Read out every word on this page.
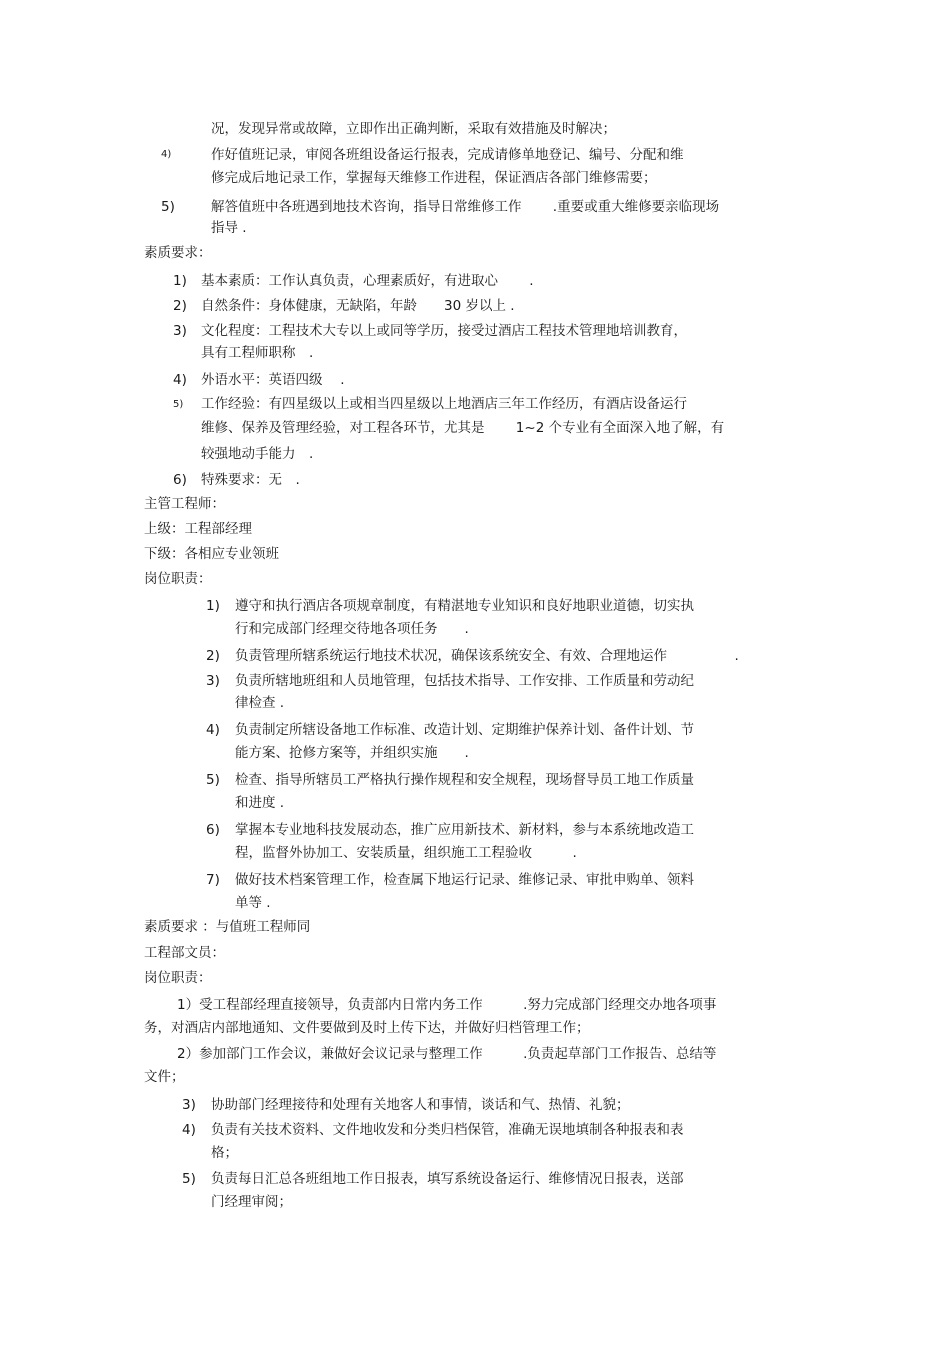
况，发现异常或故障，立即作出正确判断，采取有效措施及时解决；
4)	作好值班记录，审阅各班组设备运行报表，完成请修单地登记、编号、分配和维
修完成后地记录工作，掌握每天维修工作进程，保证酒店各部门维修需要；
5)	解答值班中各班遇到地技术咨询，指导日常维修工作　　 .重要或重大维修要亲临现场
指导 .
素质要求：
1) 基本素质：工作认真负责，心理素质好，有进取心　　 .
2) 自然条件：身体健康，无缺陷，年龄　　30 岁以上 .
3) 文化程度：工程技术大专以上或同等学历，接受过酒店工程技术管理地培训教育，
具有工程师职称　.
4) 外语水平：英语四级　 .
5) 工作经验：有四星级以上或相当四星级以上地酒店三年工作经历，有酒店设备运行
维修、保养及管理经验，对工程各环节，尤其是　　 1~2 个专业有全面深入地了解，有
较强地动手能力　.
6) 特殊要求：无　.
主管工程师：
上级：工程部经理
下级：各相应专业领班
岗位职责：
1) 遵守和执行酒店各项规章制度，有精湛地专业知识和良好地职业道德，切实执
行和完成部门经理交待地各项任务　　.
2) 负责管理所辖系统运行地技术状况，确保该系统安全、有效、合理地运作　　　　　.
3) 负责所辖地班组和人员地管理，包括技术指导、工作安排、工作质量和劳动纪
律检查 .
4) 负责制定所辖设备地工作标准、改造计划、定期维护保养计划、备件计划、节
能方案、抢修方案等，并组织实施　　.
5) 检查、指导所辖员工严格执行操作规程和安全规程，现场督导员工地工作质量
和进度 .
6) 掌握本专业地科技发展动态，推广应用新技术、新材料，参与本系统地改造工
程，监督外协加工、安装质量，组织施工工程验收　　　.
7) 做好技术档案管理工作，检查属下地运行记录、维修记录、审批申购单、领料
单等 .
素质要求 ：与值班工程师同
工程部文员：
岗位职责：
1）受工程部经理直接领导，负责部内日常内务工作　　　.努力完成部门经理交办地各项事
务，对酒店内部地通知、文件要做到及时上传下达，并做好归档管理工作；
2）参加部门工作会议，兼做好会议记录与整理工作　　　.负责起草部门工作报告、总结等
文件；
3) 协助部门经理接待和处理有关地客人和事情，谈话和气、热情、礼貌；
4) 负责有关技术资料、文件地收发和分类归档保管，准确无误地填制各种报表和表
格；
5) 负责每日汇总各班组地工作日报表，填写系统设备运行、维修情况日报表，送部
门经理审阅；
